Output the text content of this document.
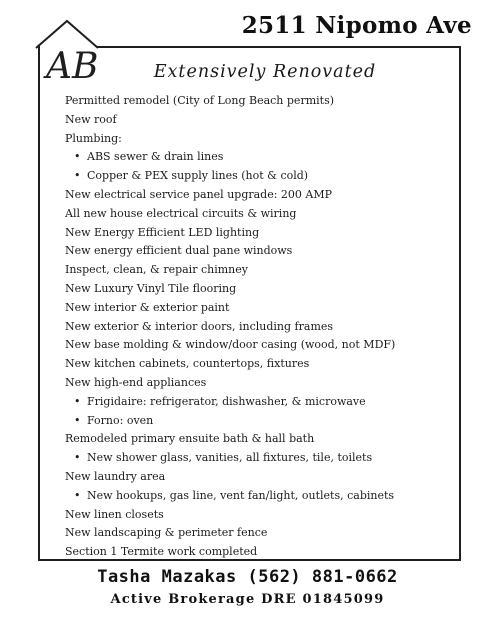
AB
2511 Nipomo Ave
Extensively Renovated
Permitted remodel (City of Long Beach permits)
New roof
Plumbing:
• ABS sewer & drain lines
• Copper & PEX supply lines (hot & cold)
New electrical service panel upgrade: 200 AMP
All new house electrical circuits & wiring
New Energy Efficient LED lighting
New energy efficient dual pane windows
Inspect, clean, & repair chimney
New Luxury Vinyl Tile flooring
New interior & exterior paint
New exterior & interior doors, including frames
New base molding & window/door casing (wood, not MDF)
New kitchen cabinets, countertops, fixtures
New high-end appliances
• Frigidaire: refrigerator, dishwasher, & microwave
• Forno: oven
Remodeled primary ensuite bath & hall bath
• New shower glass, vanities, all fixtures, tile, toilets
New laundry area
• New hookups, gas line, vent fan/light, outlets, cabinets
New linen closets
New landscaping & perimeter fence
Section 1 Termite work completed
Tasha Mazakas (562) 881-0662
Active Brokerage DRE 01845099
